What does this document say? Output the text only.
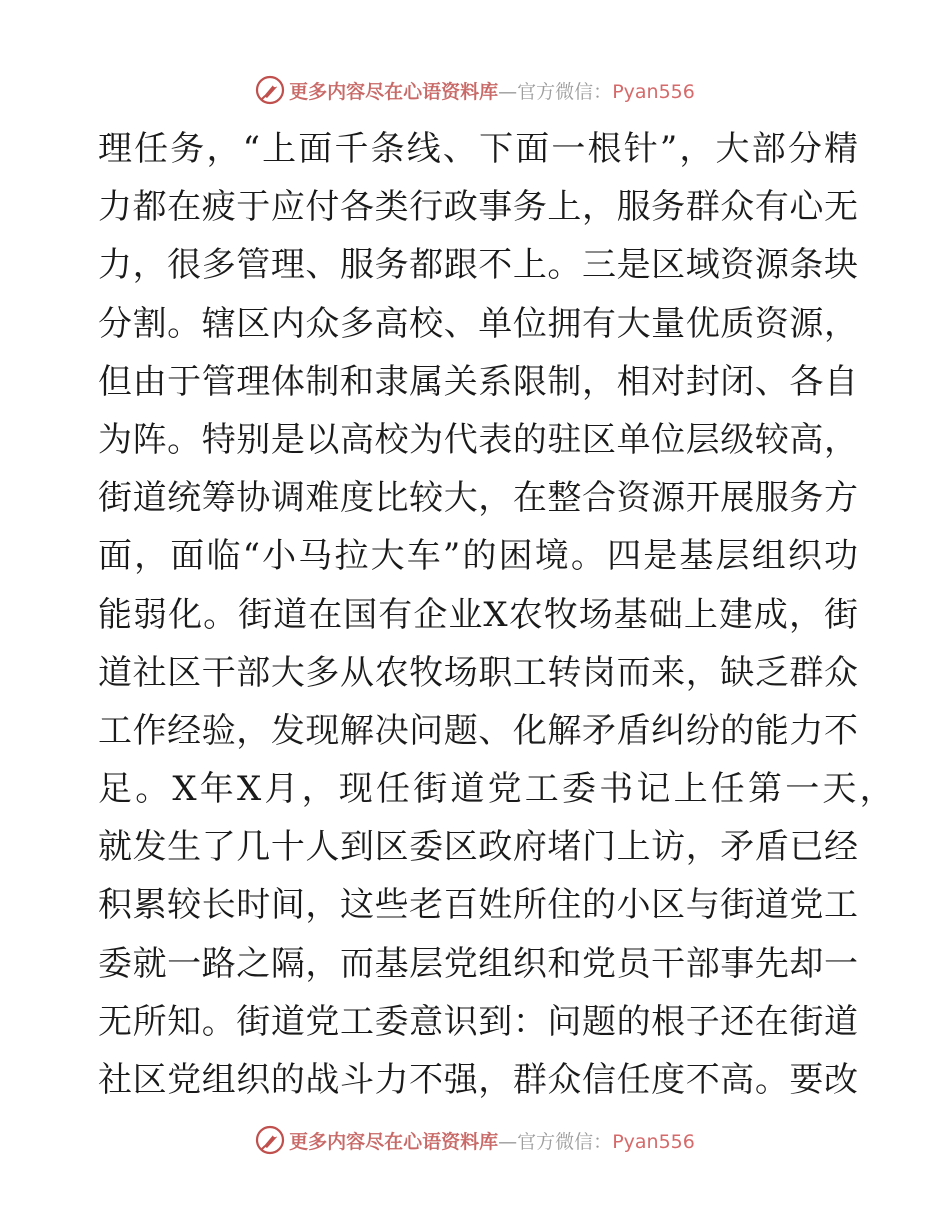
更多内容尽在心语资料库—官方微信：Pyan556
理任务，“上面千条线、下面一根针”，大部分精
力都在疲于应付各类行政事务上，服务群众有心无
力，很多管理、服务都跟不上。三是区域资源条块
分割。辖区内众多高校、单位拥有大量优质资源，
但由于管理体制和隶属关系限制，相对封闭、各自
为阵。特别是以高校为代表的驻区单位层级较高，
街道统筹协调难度比较大，在整合资源开展服务方
面，面临“小马拉大车”的困境。四是基层组织功
能弱化。街道在国有企业X农牧场基础上建成，街
道社区干部大多从农牧场职工转岗而来，缺乏群众
工作经验，发现解决问题、化解矛盾纠纷的能力不
足。X年X月，现任街道党工委书记上任第一天，
就发生了几十人到区委区政府堵门上访，矛盾已经
积累较长时间，这些老百姓所住的小区与街道党工
委就一路之隔，而基层党组织和党员干部事先却一
无所知。街道党工委意识到：问题的根子还在街道
社区党组织的战斗力不强，群众信任度不高。要改
更多内容尽在心语资料库—官方微信：Pyan556
